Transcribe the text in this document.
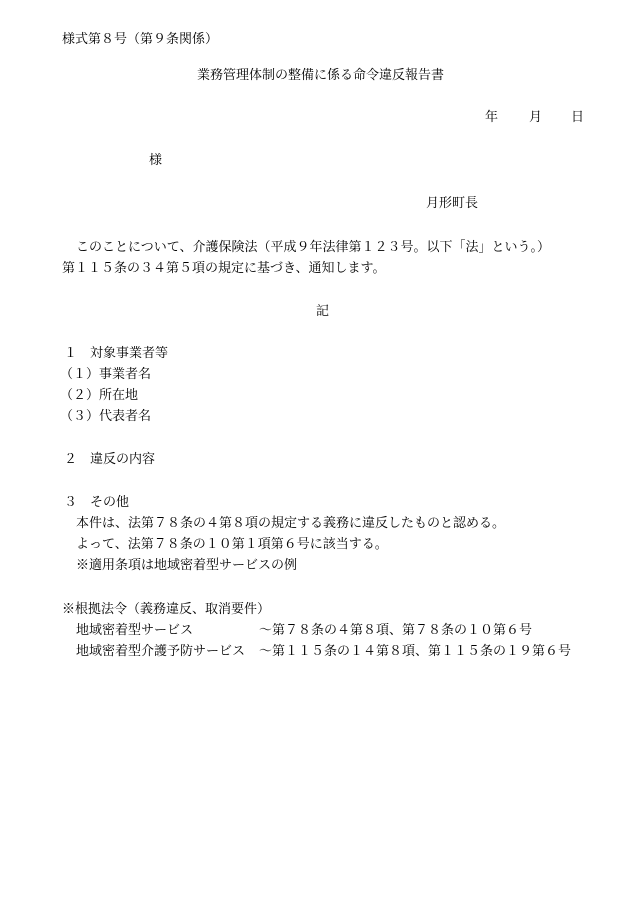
様式第８号（第９条関係）
業務管理体制の整備に係る命令違反報告書
年 月 日
様
月形町長
このことについて、介護保険法（平成９年法律第１２３号。以下「法」という。）
第１１５条の３４第５項の規定に基づき、通知します。
記
１　対象事業者等
（１）事業者名
（２）所在地
（３）代表者名
２　違反の内容
３　その他
本件は、法第７８条の４第８項の規定する義務に違反したものと認める。
よって、法第７８条の１０第１項第６号に該当する。
※適用条項は地域密着型サービスの例
※根拠法令（義務違反、取消要件）
地域密着型サービス	～第７８条の４第８項、第７８条の１０第６号
地域密着型介護予防サービス ～第１１５条の１４第８項、第１１５条の１９第６号
